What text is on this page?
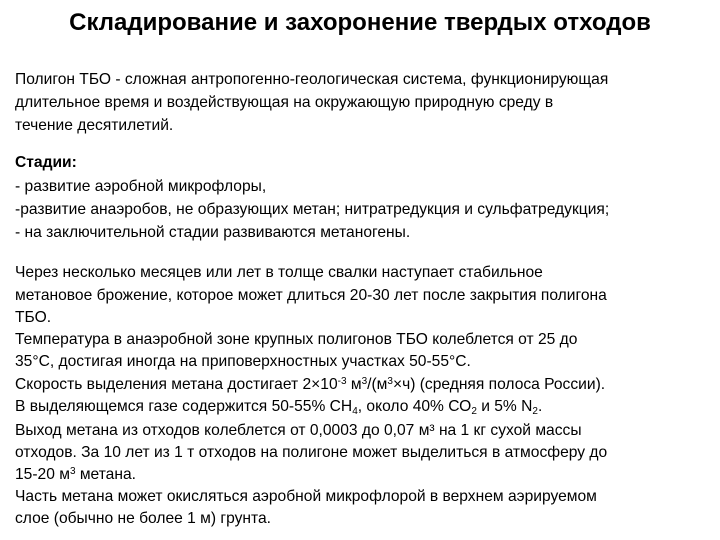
Складирование и захоронение твердых отходов
Полигон ТБО - сложная антропогенно-геологическая система, функционирующая
длительное время и воздействующая на окружающую природную среду в
течение десятилетий.
Стадии:
- развитие аэробной микрофлоры,
-развитие анаэробов, не образующих метан; нитратредукция и сульфатредукция;
- на заключительной стадии развиваются метаногены.
Через несколько месяцев или лет в толще свалки наступает стабильное
метановое брожение, которое может длиться 20-30 лет после закрытия полигона
ТБО.
Температура в анаэробной зоне крупных полигонов ТБО колеблется от 25 до
35°С, достигая иногда на приповерхностных участках 50-55°С.
Скорость выделения метана достигает $2\times 10^{-3}$ $м^3/(м^3\times ч)$ (средняя полоса России).
В выделяющемся газе содержится 50-55% $СН_4$, около 40% $СО_2$ и 5% $N_2$.
Выход метана из отходов колеблется от 0,0003 до 0,07 м³ на 1 кг сухой массы
отходов. За 10 лет из 1 т отходов на полигоне может выделиться в атмосферу до
15-20 $м^3$ метана.
Часть метана может окисляться аэробной микрофлорой в верхнем аэрируемом
слое (обычно не более 1 м) грунта.
